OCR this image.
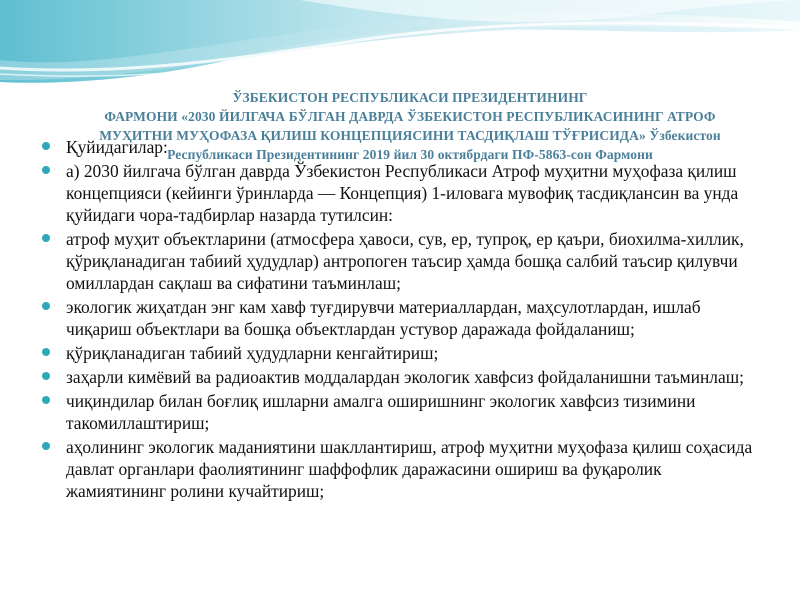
ЎЗБЕКИСТОН РЕСПУБЛИКАСИ ПРЕЗИДЕНТИНИНГ
ФАРМОНИ «2030 ЙИЛГАЧА БЎЛГАН ДАВРДА ЎЗБЕКИСТОН РЕСПУБЛИКАСИНИНГ АТРОФ
МУҲИТНИ МУҲОФАЗА ҚИЛИШ КОНЦЕПЦИЯСИНИ ТАСДИҚЛАШ ТЎҒРИСИДА» Ўзбекистон
Республикаси Президентининг 2019 йил 30 октябрдаги ПФ-5863-сон Фармони
Қуйидагилар:
а) 2030 йилгача бўлган даврда Ўзбекистон Республикаси Атроф муҳитни муҳофаза қилиш концепцияси (кейинги ўринларда — Концепция) 1-иловага мувофиқ тасдиқлансин ва унда қуйидаги чора-тадбирлар назарда тутилсин:
атроф муҳит объектларини (атмосфера ҳавоси, сув, ер, тупроқ, ер қаъри, биохилма-хиллик, қўриқланадиган табиий ҳудудлар) антропоген таъсир ҳамда бошқа салбий таъсир қилувчи омиллардан сақлаш ва сифатини таъминлаш;
экологик жиҳатдан энг кам хавф туғдирувчи материаллардан, маҳсулотлардан, ишлаб чиқариш объектлари ва бошқа объектлардан устувор даражада фойдаланиш;
қўриқланадиган табиий ҳудудларни кенгайтириш;
заҳарли кимёвий ва радиоактив моддалардан экологик хавфсиз фойдаланишни таъминлаш;
чиқиндилар билан боғлиқ ишларни амалга оширишнинг экологик хавфсиз тизимини такомиллаштириш;
аҳолининг экологик маданиятини шакллантириш, атроф муҳитни муҳофаза қилиш соҳасида давлат органлари фаолиятининг шаффофлик даражасини ошириш ва фуқаролик жамиятининг ролини кучайтириш;
